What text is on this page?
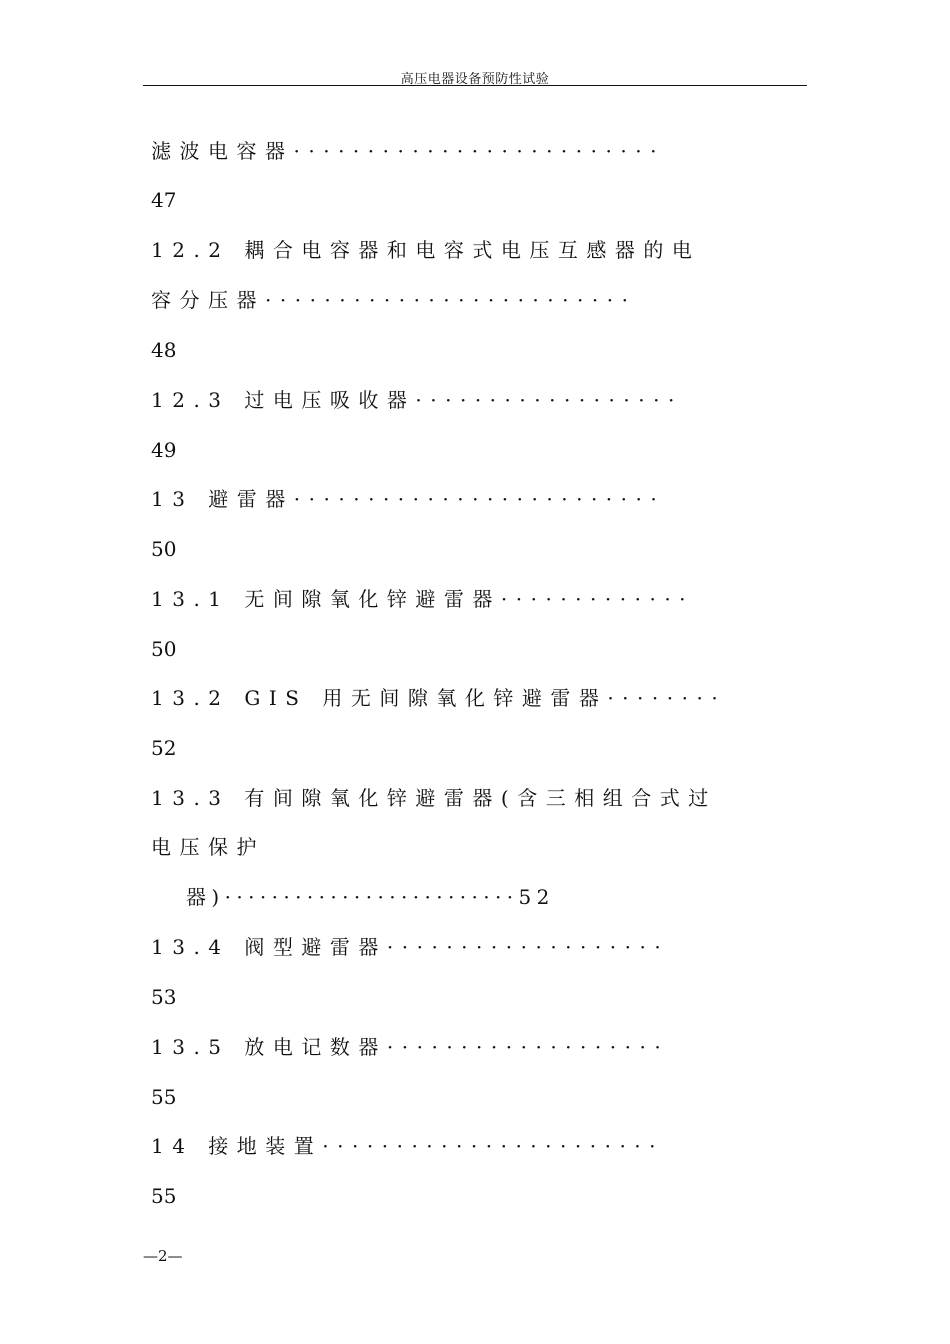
高压电器设备预防性试验
滤波电容器·························
47
12.2 耦合电容器和电容式电压互感器的电
容分压器·························
48
12.3 过电压吸收器··················
49
13 避雷器·························
50
13.1 无间隙氧化锌避雷器·············
50
13.2 GIS 用无间隙氧化锌避雷器········
52
13.3 有间隙氧化锌避雷器(含三相组合式过
电压保护
器)·························52
13.4 阀型避雷器···················
53
13.5 放电记数器···················
55
14 接地装置·······················
55
—2—
